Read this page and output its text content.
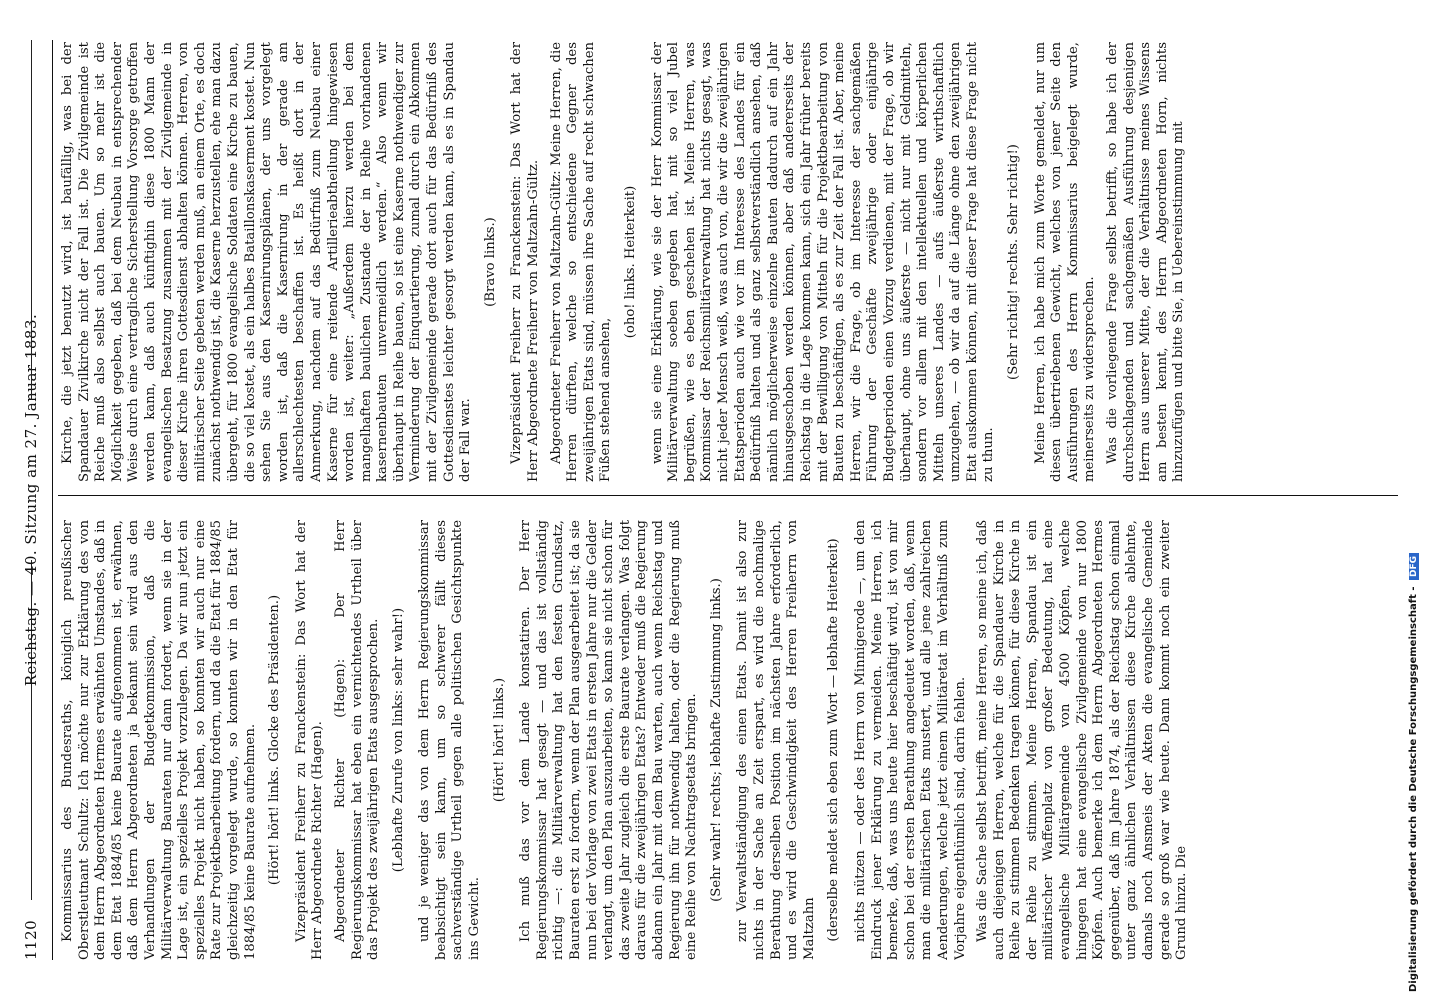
1120
Reichstag. — 40. Sitzung am 27. Januar 1883.

Kommissarius des Bundesraths, königlich preußischer Oberstleutnant Schultz: Ich möchte nur zur Erklärung des von dem Herrn Abgeordneten Hermes erwähnten Umstandes, daß in dem Etat 1884/85 keine Baurate aufgenommen ist, erwähnen, daß dem Herrn Abgeordneten ja bekannt sein wird aus den Verhandlungen der Budgetkommission, daß die Militärverwaltung Bauraten nur dann fordert, wenn sie in der Lage ist, ein spezielles Projekt vorzulegen. Da wir nun jetzt ein spezielles Projekt nicht haben, so konnten wir auch nur eine Rate zur Projektbearbeitung fordern, und da die Etat für 1884/85 gleichzeitig vorgelegt wurde, so konnten wir in den Etat für 1884/85 keine Baurate aufnehmen. (Hört! hört! links. Glocke des Präsidenten.) Vizepräsident Freiherr zu Franckenstein: Das Wort hat der Herr Abgeordnete Richter (Hagen). Abgeordneter Richter (Hagen): Der Herr Regierungskommissar hat eben ein vernichtendes Urtheil über das Projekt des zweijährigen Etats ausgesprochen. (Lebhafte Zurufe von links: sehr wahr!) und je weniger das von dem Herrn Regierungskommissar beabsichtigt sein kann, um so schwerer fällt dieses sachverständige Urtheil gegen alle politischen Gesichtspunkte ins Gewicht.

(Hört! hört! links.) Ich muß das vor dem Lande konstatiren. Der Herr Regierungskommissar hat gesagt — und das ist vollständig richtig —: die Militärverwaltung hat den festen Grundsatz, Bauraten erst zu fordern, wenn der Plan ausgearbeitet ist; da sie nun bei der Vorlage von zwei Etats in ersten Jahre nur die Gelder verlangt, um den Plan auszuarbeiten, so kann sie nicht schon für das zweite Jahr zugleich die erste Baurate verlangen. Was folgt daraus für die zweijährigen Etats? Entweder muß die Regierung abdann ein Jahr mit dem Bau warten, auch wenn Reichstag und Regierung ihn für nothwendig halten, oder die Regierung muß eine Reihe von Nachtragsetats bringen. (Sehr wahr! rechts; lebhafte Zustimmung links.) zur Verwaltständigung des einen Etats. Damit ist also zur nichts in der Sache an Zeit erspart, es wird die nochmalige Berathung derselben Position im nächsten Jahre erforderlich, und es wird die Geschwindigkeit des Herren Freiherrn von Maltzahn (derselbe meldet sich eben zum Wort — lebhafte Heiterkeit) nichts nützen — oder des Herrn von Minnigerode —, um den Eindruck jener Erklärung zu vermeiden. Meine Herren, ich bemerke, daß, was uns heute hier beschäftigt wird, ist von mir schon bei der ersten Berathung angedeutet worden, daß, wenn man die militärischen Etats mustert, und alle jene zahlreichen Aenderungen, welche jetzt einem Militäretat im Verhältniß zum Vorjahre eigenthümlich sind, darin fehlen. Was die Sache selbst betrifft, meine Herren, so meine ich, daß auch diejenigen Herren, welche für die Spandauer Kirche in Reihe zu stimmen Bedenken tragen können, für diese Kirche in der Reihe zu stimmen. Meine Herren, Spandau ist ein militärischer Waffenplatz von großer Bedeutung, hat eine evangelische Militärgemeinde von 4500 Köpfen, welche hingegen hat eine evangelische Zivilgemeinde von nur 1800 Köpfen. Auch bemerke ich dem Herrn Abgeordneten Hermes gegenüber, daß im Jahre 1874, als der Reichstag schon einmal unter ganz ähnlichen Verhältnissen diese Kirche ablehnte, damals noch Ansmeis der Akten die evangelische Gemeinde gerade so groß war wie heute. Dann kommt noch ein zweiter Grund hinzu. Die

Kirche, die jetzt benutzt wird, ist baufällig, was bei der Spandauer Zivilkirche nicht der Fall ist. Die Zivilgemeinde ist Reiche muß also selbst auch bauen. Um so mehr ist die Möglichkeit gegeben, daß bei dem Neubau in entsprechender Weise durch eine vertragliche Sicherstellung Vorsorge getroffen werden kann, daß auch künftighin diese 1800 Mann der evangelischen Besatzung zusammen mit der Zivilgemeinde in dieser Kirche ihren Gottesdienst abhalten können. Herren, von militärischer Seite gebeten werden muß, an einem Orte, es doch zunächst nothwendig ist, die Kaserne herzustellen, ehe man dazu übergeht, für 1800 evangelische Soldaten eine Kirche zu bauen, die so viel kostet, als ein halbes Bataillonskaserment kostet. Nun sehen Sie aus den Kasernirungsplänen, der uns vorgelegt worden ist, daß die Kasernirung in der gerade am allerschlechtesten beschaffen ist. Es heißt dort in der Anmerkung, nachdem auf das Bedürfniß zum Neubau einer Kaserne für eine reitende Artillerieabtheilung hingewiesen worden ist, weiter: „Außerdem hierzu werden bei dem mangelhaften baulichen Zustande der in Reihe vorhandenen kasernenbauten unvermeidlich werden.“ Also wenn wir überhaupt in Reihe bauen, so ist eine Kaserne nothwendiger zur Verminderung der Einquartierung, zumal durch ein Abkommen mit der Zivilgemeinde gerade dort auch für das Bedürfniß des Gottesdienstes leichter gesorgt werden kann, als es in Spandau der Fall war.

(Bravo links.) Vizepräsident Freiherr zu Franckenstein: Das Wort hat der Herr Abgeordnete Freiherr von Maltzahn-Gültz. Abgeordneter Freiherr von Maltzahn-Gültz: Meine Herren, die Herren dürften, welche so entschiedene Gegner des zweijährigen Etats sind, müssen ihre Sache auf recht schwachen Füßen stehend ansehen,

(oho! links. Heiterkeit) wenn sie eine Erklärung, wie sie der Herr Kommissar der Militärverwaltung soeben gegeben hat, mit so viel Jubel begrüßen, wie es eben geschehen ist. Meine Herren, was Kommissar der Reichsmilitärverwaltung hat nichts gesagt, was nicht jeder Mensch weiß, was auch von, die wir die zweijährigen Etatsperioden auch wie vor im Interesse des Landes für ein Bedürfniß halten und als ganz selbstverständlich ansehen, daß nämlich möglicherweise einzelne Bauten dadurch auf ein Jahr hinausgeschoben werden können, aber daß andererseits der Reichstag in die Lage kommen kann, sich ein Jahr früher bereits mit der Bewilligung von Mitteln für die Projektbearbeitung von Bauten zu beschäftigen, als es zur Zeit der Fall ist. Aber, meine Herren, wir die Frage, ob im Interesse der sachgemäßen Führung der Geschäfte zweijährige oder einjährige Budgetperioden einen Vorzug verdienen, mit der Frage, ob wir überhaupt, ohne uns äußerste — nicht nur mit Geldmitteln, sondern vor allem mit den intellektuellen und körperlichen Mitteln unseres Landes — aufs äußerste wirthschaftlich umzugehen, — ob wir da auf die Länge ohne den zweijährigen Etat auskommen können, mit dieser Frage hat diese Frage nicht zu thun.

(Sehr richtig! rechts. Sehr richtig!) Meine Herren, ich habe mich zum Worte gemeldet, nur um diesen übertriebenen Gewicht, welches von jener Seite den Ausführungen des Herrn Kommissarius beigelegt wurde, meinerseits zu widersprechen. Was die vorliegende Frage selbst betrifft, so habe ich der durchschlagenden und sachgemäßen Ausführung desjenigen Herrn aus unserer Mitte, der die Verhältnisse meines Wissens am besten kennt, des Herrn Abgeordneten Horn, nichts hinzuzufügen und bitte Sie, in Uebereinstimmung mit

Digitalisierung gefördert durch die Deutsche Forschungsgemeinschaft - DFG
